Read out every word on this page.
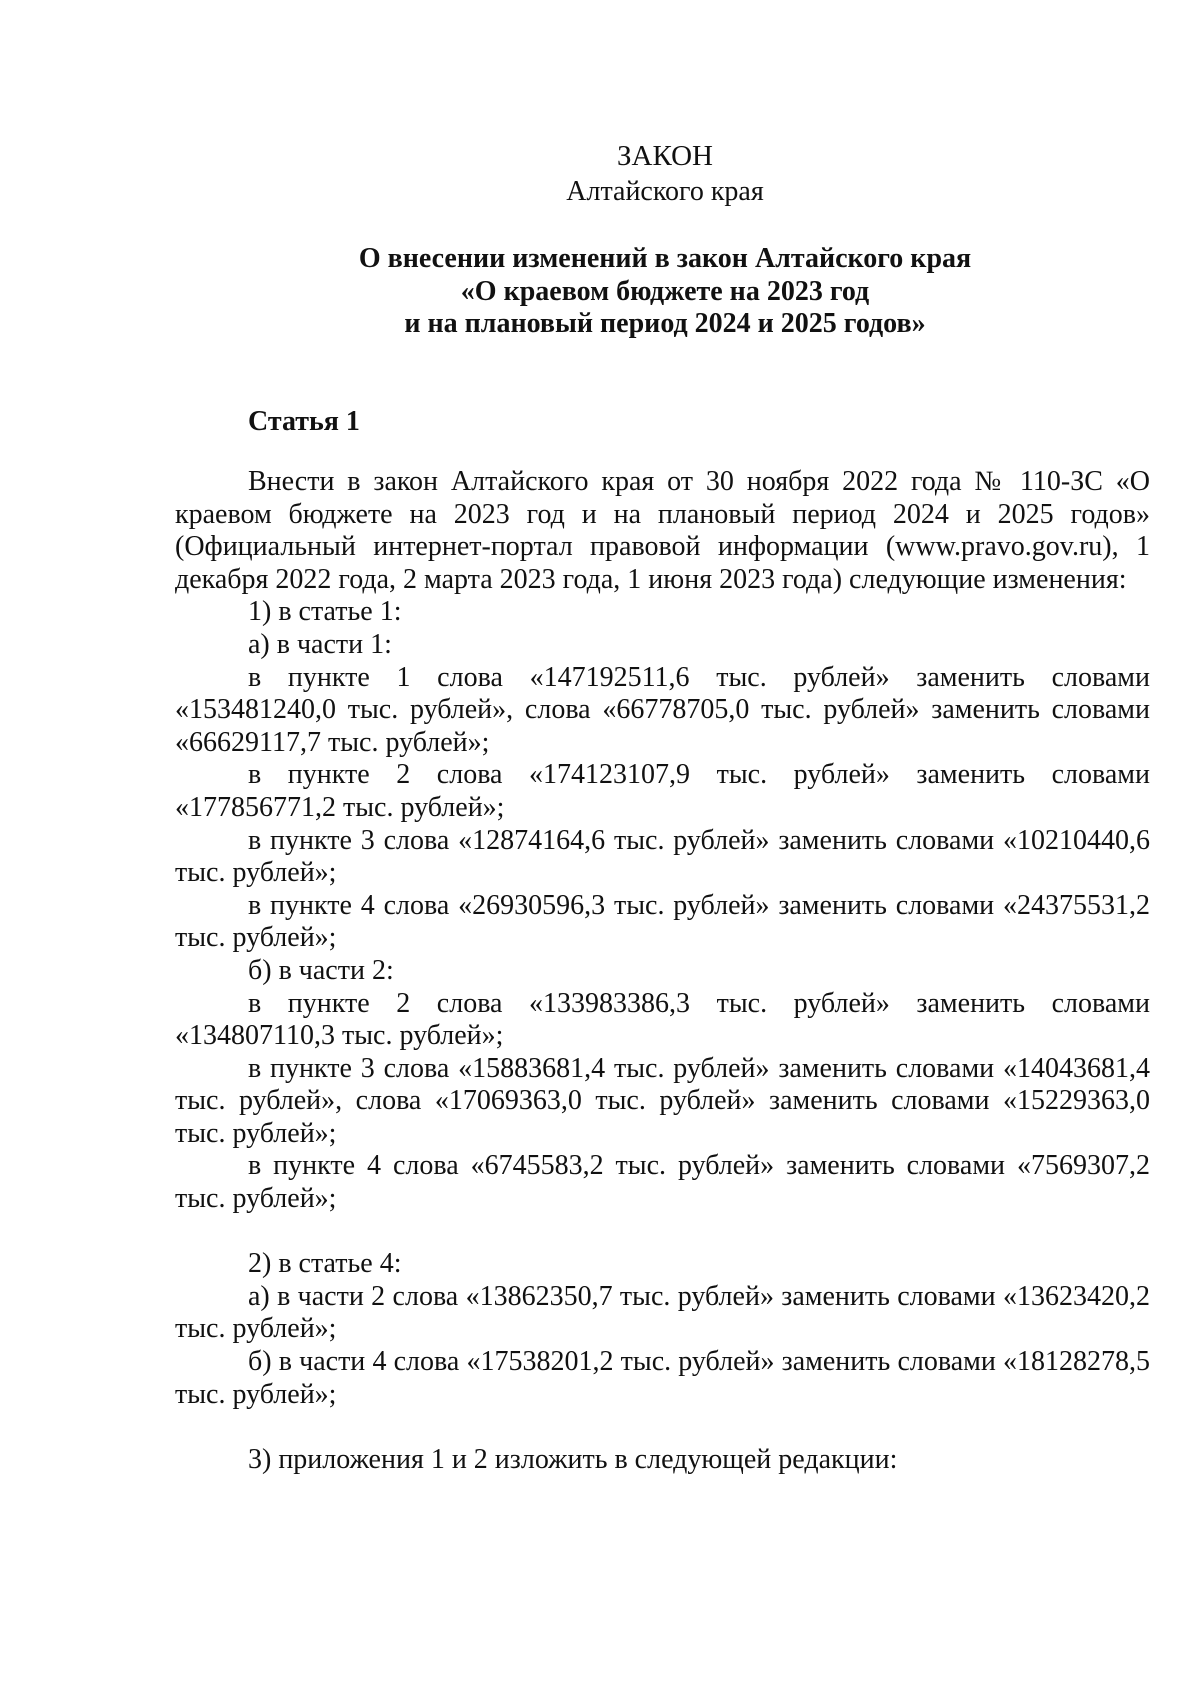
ЗАКОН
Алтайского края
О внесении изменений в закон Алтайского края
«О краевом бюджете на 2023 год
и на плановый период 2024 и 2025 годов»
Статья 1

Внести в закон Алтайского края от 30 ноября 2022 года № 110-ЗС «О краевом бюджете на 2023 год и на плановый период 2024 и 2025 годов» (Официальный интернет-портал правовой информации (www.pravo.gov.ru), 1 декабря 2022 года, 2 марта 2023 года, 1 июня 2023 года) следующие изменения:

1) в статье 1:

а) в части 1:

в пункте 1 слова «147192511,6 тыс. рублей» заменить словами «153481240,0 тыс. рублей», слова «66778705,0 тыс. рублей» заменить словами «66629117,7 тыс. рублей»;

в пункте 2 слова «174123107,9 тыс. рублей» заменить словами «177856771,2 тыс. рублей»;

в пункте 3 слова «12874164,6 тыс. рублей» заменить словами «10210440,6 тыс. рублей»;

в пункте 4 слова «26930596,3 тыс. рублей» заменить словами «24375531,2 тыс. рублей»;

б) в части 2:

в пункте 2 слова «133983386,3 тыс. рублей» заменить словами «134807110,3 тыс. рублей»;

в пункте 3 слова «15883681,4 тыс. рублей» заменить словами «14043681,4 тыс. рублей», слова «17069363,0 тыс. рублей» заменить словами «15229363,0 тыс. рублей»;

в пункте 4 слова «6745583,2 тыс. рублей» заменить словами «7569307,2 тыс. рублей»;

2) в статье 4:

а) в части 2 слова «13862350,7 тыс. рублей» заменить словами «13623420,2 тыс. рублей»;

б) в части 4 слова «17538201,2 тыс. рублей» заменить словами «18128278,5 тыс. рублей»;

3) приложения 1 и 2 изложить в следующей редакции:
